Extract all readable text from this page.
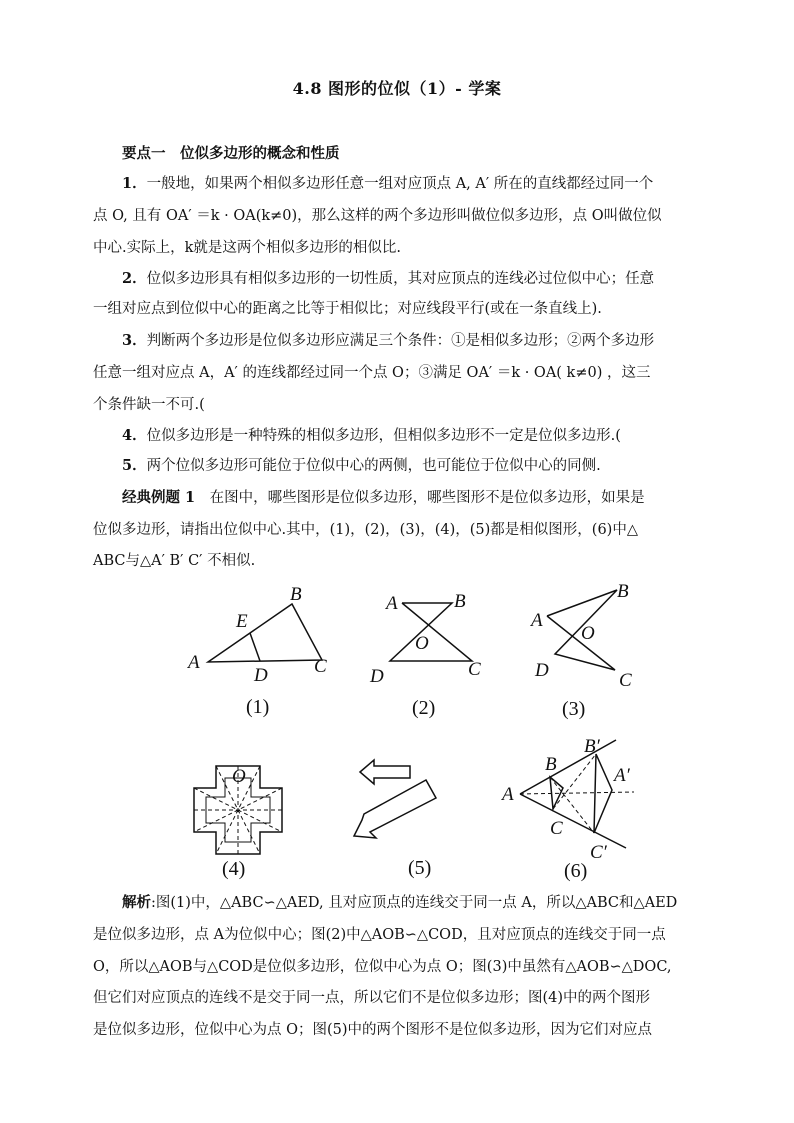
4.8 图形的位似（1）- 学案
要点一　位似多边形的概念和性质
1．一般地，如果两个相似多边形任意一组对应顶点 A, A′ 所在的直线都经过同一个
点 O, 且有 OA′ ＝k · OA(k≠0)，那么这样的两个多边形叫做位似多边形，点 O叫做位似
中心.实际上，k就是这两个相似多边形的相似比.
2．位似多边形具有相似多边形的一切性质，其对应顶点的连线必过位似中心；任意
一组对应点到位似中心的距离之比等于相似比；对应线段平行(或在一条直线上).
3．判断两个多边形是位似多边形应满足三个条件：①是相似多边形；②两个多边形
任意一组对应点 A，A′ 的连线都经过同一个点 O；③满足 OA′ ＝k · OA( k≠0) ，这三
个条件缺一不可.(
4．位似多边形是一种特殊的相似多边形，但相似多边形不一定是位似多边形.(
5．两个位似多边形可能位于位似中心的两侧，也可能位于位似中心的同侧.
经典例题 1　 在图中，哪些图形是位似多边形，哪些图形不是位似多边形，如果是
位似多边形，请指出位似中心.其中，(1)，(2)，(3)，(4)，(5)都是相似图形，(6)中△
ABC与△A′ B′ C′ 不相似.
A
B
C
D
E
(1)
A	B
O
D	C
(2)
A
B
O
D	C
(3)
O
(4)	(5)
A
B
C
B′
A′
C′
(6)
解析:图(1)中，△ABC∽△AED, 且对应顶点的连线交于同一点 A，所以△ABC和△AED
是位似多边形，点 A为位似中心；图(2)中△AOB∽△COD，且对应顶点的连线交于同一点
O，所以△AOB与△COD是位似多边形，位似中心为点 O；图(3)中虽然有△AOB∽△DOC,
但它们对应顶点的连线不是交于同一点，所以它们不是位似多边形；图(4)中的两个图形
是位似多边形，位似中心为点 O；图(5)中的两个图形不是位似多边形，因为它们对应点
